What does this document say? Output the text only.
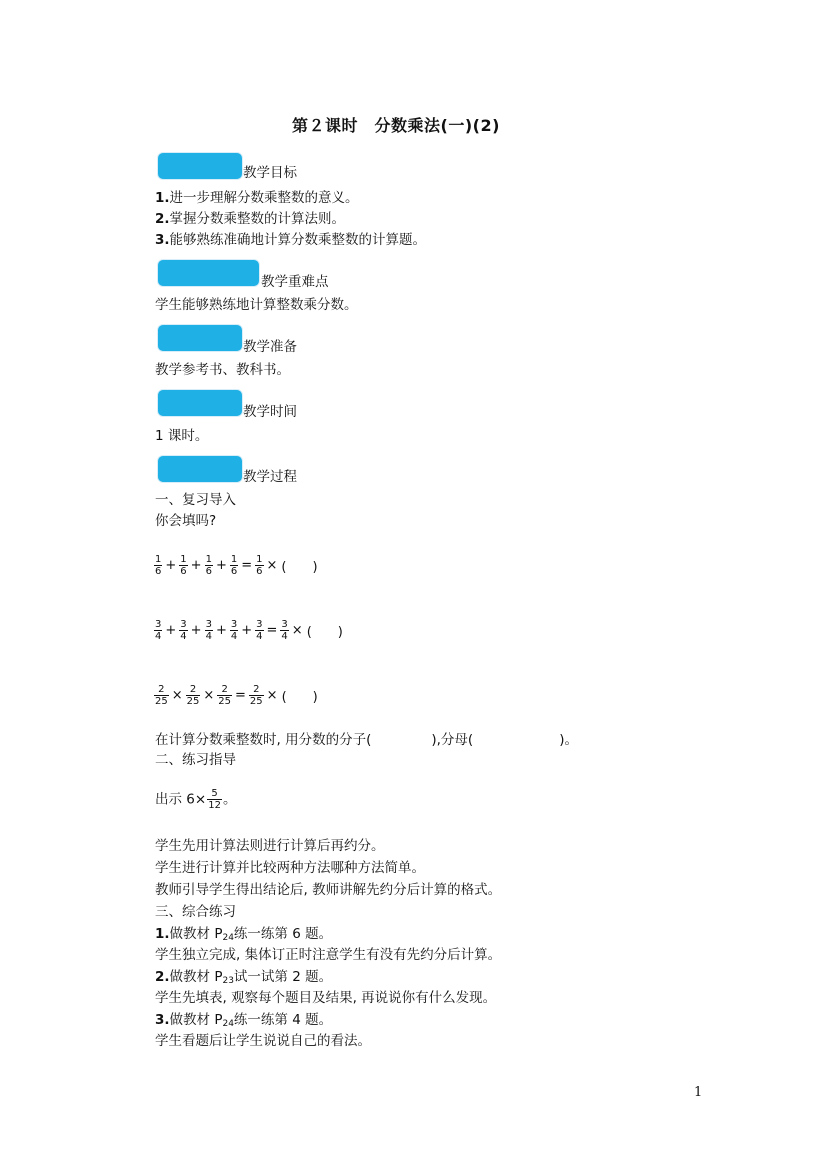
第２课时　分数乘法(一)(2)
教学目标
1.进一步理解分数乘整数的意义。
2.掌握分数乘整数的计算法则。
3.能够熟练准确地计算分数乘整数的计算题。
教学重难点
学生能够熟练地计算整数乘分数。
教学准备
教学参考书、教科书。
教学时间
1 课时。
教学过程
一、复习导入
你会填吗?
$\frac{1}{6} + \frac{1}{6} + \frac{1}{6} + \frac{1}{6} = \frac{1}{6}$ × (　　)
$\frac{3}{4} + \frac{3}{4} + \frac{3}{4} + \frac{3}{4} + \frac{3}{4} = \frac{3}{4}$ × (　　)
$\frac{2}{25} \times \frac{2}{25} \times \frac{2}{25} = \frac{2}{25}$ × (　　)
在计算分数乘整数时, 用分数的分子(	),分母(	)。
二、练习指导
出示 $6\times \frac{5}{12}$ 。
学生先用计算法则进行计算后再约分。
学生进行计算并比较两种方法哪种方法简单。
教师引导学生得出结论后, 教师讲解先约分后计算的格式。
三、综合练习
1.做教材 $P_{24}$练一练第 6 题。
学生独立完成, 集体订正时注意学生有没有先约分后计算。
2.做教材 $P_{23}$试一试第 2 题。
学生先填表, 观察每个题目及结果, 再说说你有什么发现。
3.做教材 $P_{24}$练一练第 4 题。
学生看题后让学生说说自己的看法。
1
